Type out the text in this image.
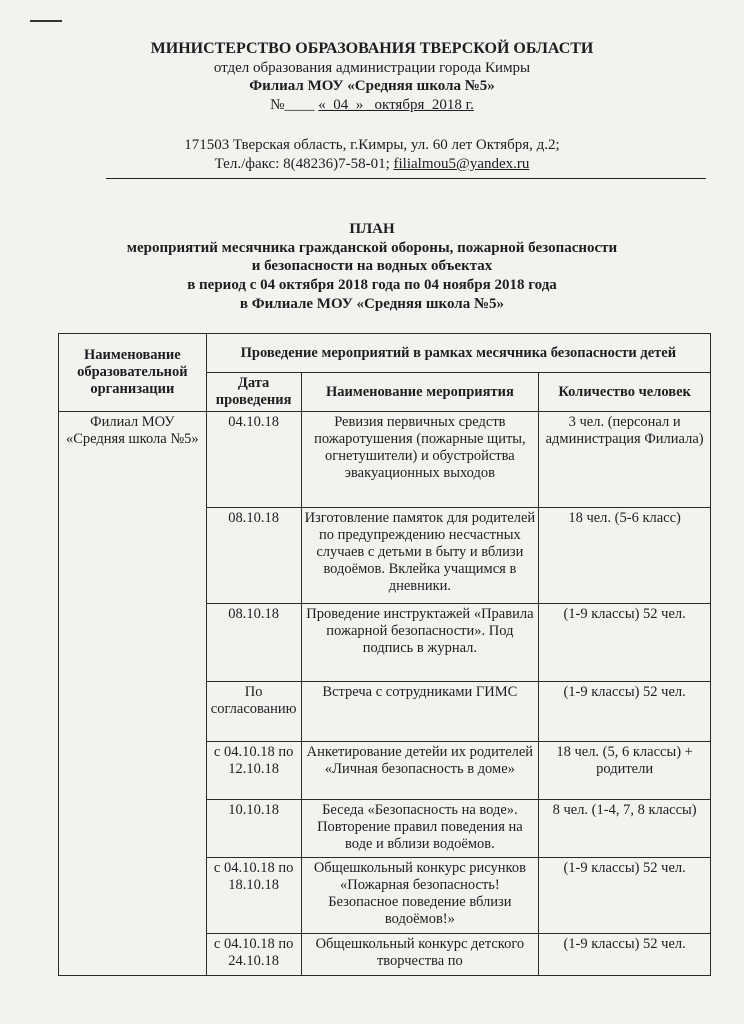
МИНИСТЕРСТВО ОБРАЗОВАНИЯ ТВЕРСКОЙ ОБЛАСТИ
отдел образования администрации города Кимры
Филиал МОУ «Средняя школа №5»
№____ «_04_» _октября_2018 г.
171503 Тверская область, г.Кимры, ул. 60 лет Октября, д.2;
Тел./факс: 8(48236)7-58-01; filialmou5@yandex.ru
ПЛАН
мероприятий месячника гражданской обороны, пожарной безопасности
и безопасности на водных объектах
в период с 04 октября 2018 года по 04 ноября 2018 года
в Филиале МОУ «Средняя школа №5»
Наименование образовательной организации	Проведение мероприятий в рамках месячника безопасности детей		
	Дата проведения	Наименование мероприятия	Количество человек
Филиал МОУ «Средняя школа №5»	04.10.18	Ревизия первичных средств пожаротушения (пожарные щиты, огнетушители) и обустройства эвакуационных выходов	3 чел. (персонал и администрация Филиала)
	08.10.18	Изготовление памяток для родителей по предупреждению несчастных случаев с детьми в быту и вблизи водоёмов. Вклейка учащимся в дневники.	18 чел. (5-6 класс)
	08.10.18	Проведение инструктажей «Правила пожарной безопасности». Под подпись в журнал.	(1-9 классы) 52 чел.
	По согласованию	Встреча с сотрудниками ГИМС	(1-9 классы) 52 чел.
	с 04.10.18 по 12.10.18	Анкетирование детейи их родителей «Личная безопасность в доме»	18 чел. (5, 6 классы) + родители
	10.10.18	Беседа «Безопасность на воде». Повторение правил поведения на воде и вблизи водоёмов.	8 чел. (1-4, 7, 8 классы)
	с 04.10.18 по 18.10.18	Общешкольный конкурс рисунков «Пожарная безопасность! Безопасное поведение вблизи водоёмов!»	(1-9 классы) 52 чел.
	с 04.10.18 по 24.10.18	Общешкольный конкурс детского творчества по	(1-9 классы) 52 чел.
